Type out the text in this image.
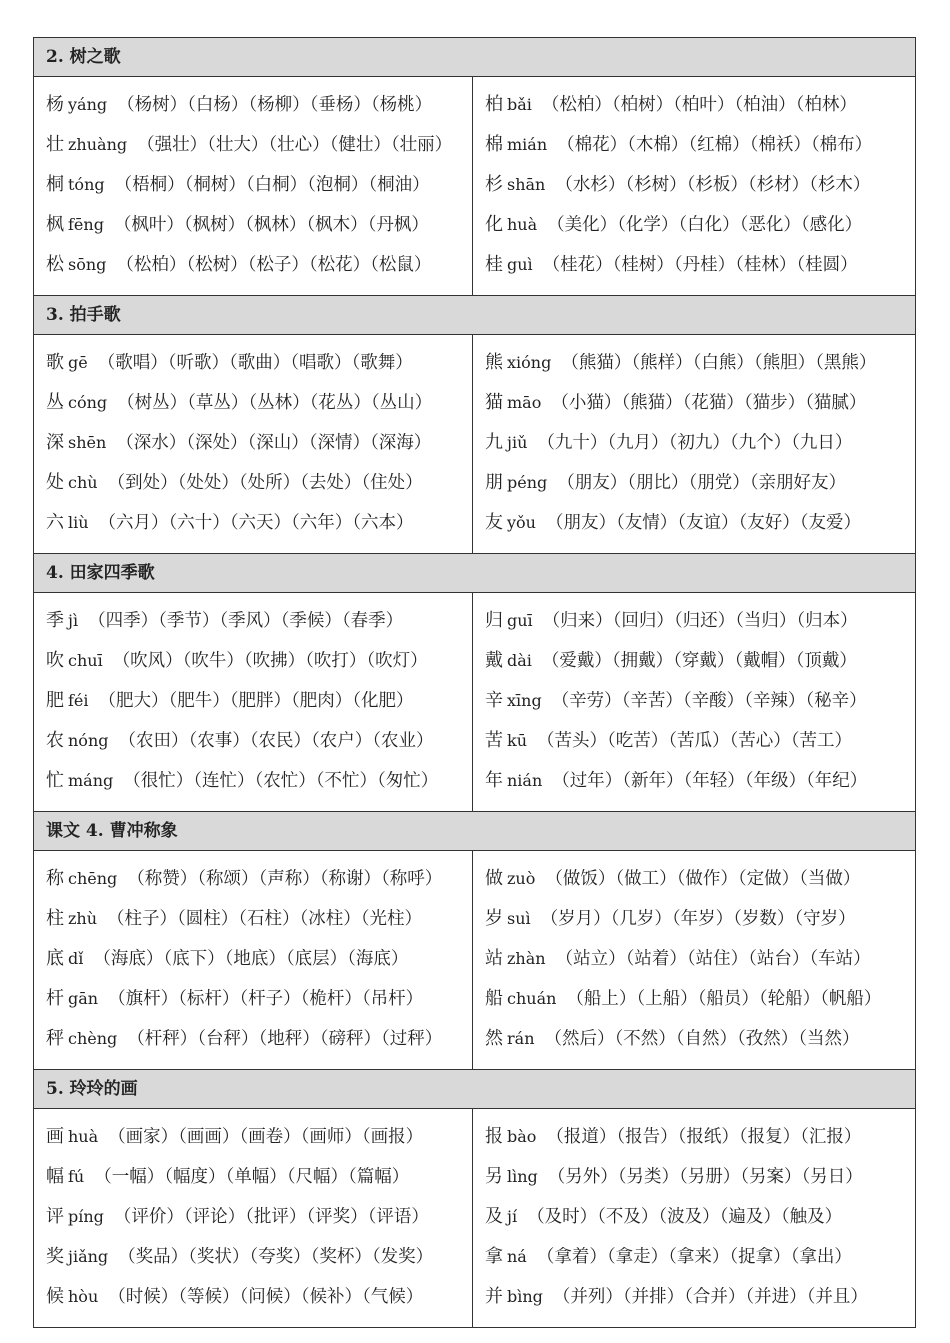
2. 树之歌
杨 yáng （杨树）（白杨）（杨柳）（垂杨）（杨桃）
壮 zhuàng （强壮）（壮大）（壮心）（健壮）（壮丽）
桐 tóng （梧桐）（桐树）（白桐）（泡桐）（桐油）
枫 fēng （枫叶）（枫树）（枫林）（枫木）（丹枫）
松 sōng （松柏）（松树）（松子）（松花）（松鼠）
柏 bǎi （松柏）（柏树）（柏叶）（柏油）（柏林）
棉 mián （棉花）（木棉）（红棉）（棉袄）（棉布）
杉 shān （水杉）（杉树）（杉板）（杉材）（杉木）
化 huà （美化）（化学）（白化）（恶化）（感化）
桂 guì （桂花）（桂树）（丹桂）（桂林）（桂圆）
3. 拍手歌
歌 gē （歌唱）（听歌）（歌曲）（唱歌）（歌舞）
丛 cóng （树丛）（草丛）（丛林）（花丛）（丛山）
深 shēn （深水）（深处）（深山）（深情）（深海）
处 chù （到处）（处处）（处所）（去处）（住处）
六 liù （六月）（六十）（六天）（六年）（六本）
熊 xióng （熊猫）（熊样）（白熊）（熊胆）（黑熊）
猫 māo （小猫）（熊猫）（花猫）（猫步）（猫腻）
九 jiǔ （九十）（九月）（初九）（九个）（九日）
朋 péng （朋友）（朋比）（朋党）（亲朋好友）
友 yǒu （朋友）（友情）（友谊）（友好）（友爱）
4. 田家四季歌
季 jì （四季）（季节）（季风）（季候）（春季）
吹 chuī （吹风）（吹牛）（吹拂）（吹打）（吹灯）
肥 féi （肥大）（肥牛）（肥胖）（肥肉）（化肥）
农 nóng （农田）（农事）（农民）（农户）（农业）
忙 máng （很忙）（连忙）（农忙）（不忙）（匆忙）
归 guī （归来）（回归）（归还）（当归）（归本）
戴 dài （爱戴）（拥戴）（穿戴）（戴帽）（顶戴）
辛 xīng （辛劳）（辛苦）（辛酸）（辛辣）（秘辛）
苦 kū （苦头）（吃苦）（苦瓜）（苦心）（苦工）
年 nián （过年）（新年）（年轻）（年级）（年纪）
课文 4. 曹冲称象
称 chēng （称赞）（称颂）（声称）（称谢）（称呼）
柱 zhù （柱子）（圆柱）（石柱）（冰柱）（光柱）
底 dǐ （海底）（底下）（地底）（底层）（海底）
杆 gān （旗杆）（标杆）（杆子）（桅杆）（吊杆）
秤 chèng （杆秤）（台秤）（地秤）（磅秤）（过秤）
做 zuò （做饭）（做工）（做作）（定做）（当做）
岁 suì （岁月）（几岁）（年岁）（岁数）（守岁）
站 zhàn （站立）（站着）（站住）（站台）（车站）
船 chuán （船上）（上船）（船员）（轮船）（帆船）
然 rán （然后）（不然）（自然）（孜然）（当然）
5. 玲玲的画
画 huà （画家）（画画）（画卷）（画师）（画报）
幅 fú （一幅）（幅度）（单幅）（尺幅）（篇幅）
评 píng （评价）（评论）（批评）（评奖）（评语）
奖 jiǎng （奖品）（奖状）（夸奖）（奖杯）（发奖）
候 hòu （时候）（等候）（问候）（候补）（气候）
报 bào （报道）（报告）（报纸）（报复）（汇报）
另 lìng （另外）（另类）（另册）（另案）（另日）
及 jí （及时）（不及）（波及）（遍及）（触及）
拿 ná （拿着）（拿走）（拿来）（捉拿）（拿出）
并 bìng （并列）（并排）（合并）（并进）（并且）
